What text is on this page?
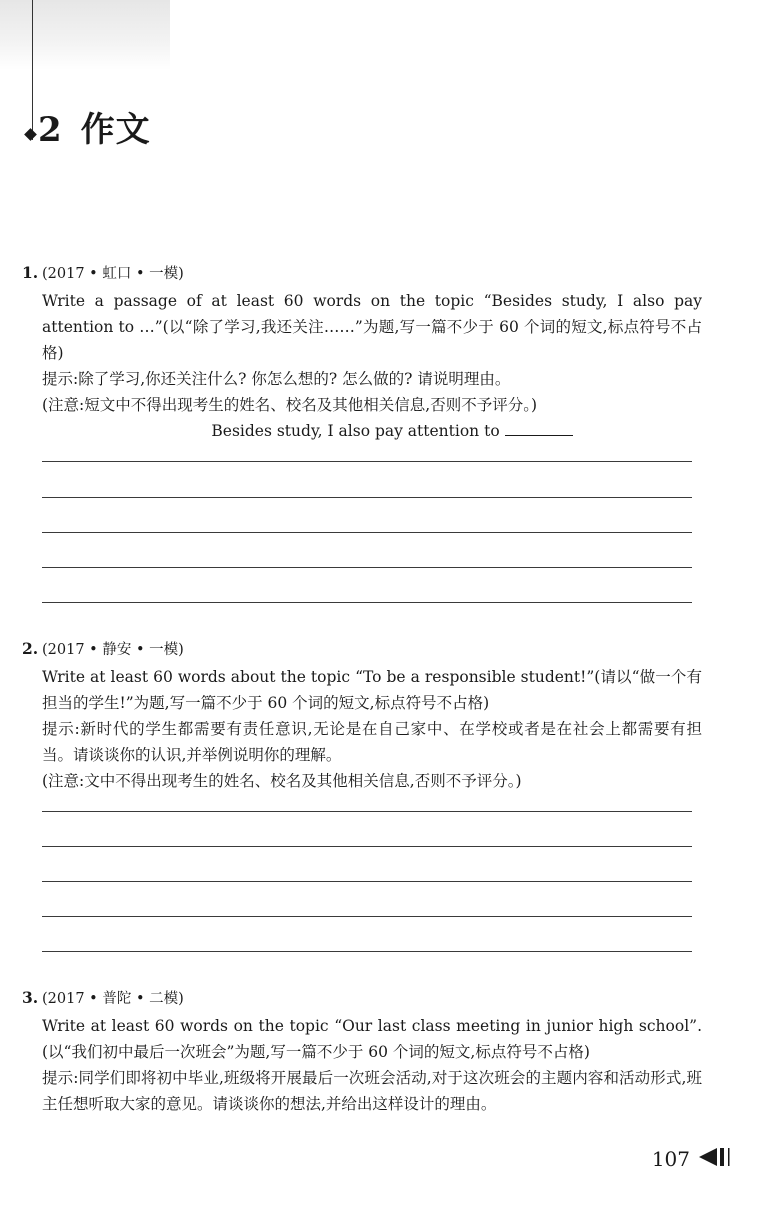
2 作文
1. (2017 • 虹口 • 一模)

Write a passage of at least 60 words on the topic “Besides study, I also pay attention to …”(以“除了学习,我还关注……”为题,写一篇不少于 60 个词的短文,标点符号不占格)

提示:除了学习,你还关注什么? 你怎么想的? 怎么做的? 请说明理由。

(注意:短文中不得出现考生的姓名、校名及其他相关信息,否则不予评分。)

Besides study, I also pay attention to

2. (2017 • 静安 • 一模)

Write at least 60 words about the topic “To be a responsible student!”(请以“做一个有担当的学生!”为题,写一篇不少于 60 个词的短文,标点符号不占格)

提示:新时代的学生都需要有责任意识,无论是在自己家中、在学校或者是在社会上都需要有担当。请谈谈你的认识,并举例说明你的理解。

(注意:文中不得出现考生的姓名、校名及其他相关信息,否则不予评分。)

3. (2017 • 普陀 • 二模)

Write at least 60 words on the topic “Our last class meeting in junior high school”. (以“我们初中最后一次班会”为题,写一篇不少于 60 个词的短文,标点符号不占格)

提示:同学们即将初中毕业,班级将开展最后一次班会活动,对于这次班会的主题内容和活动形式,班主任想听取大家的意见。请谈谈你的想法,并给出这样设计的理由。

107
